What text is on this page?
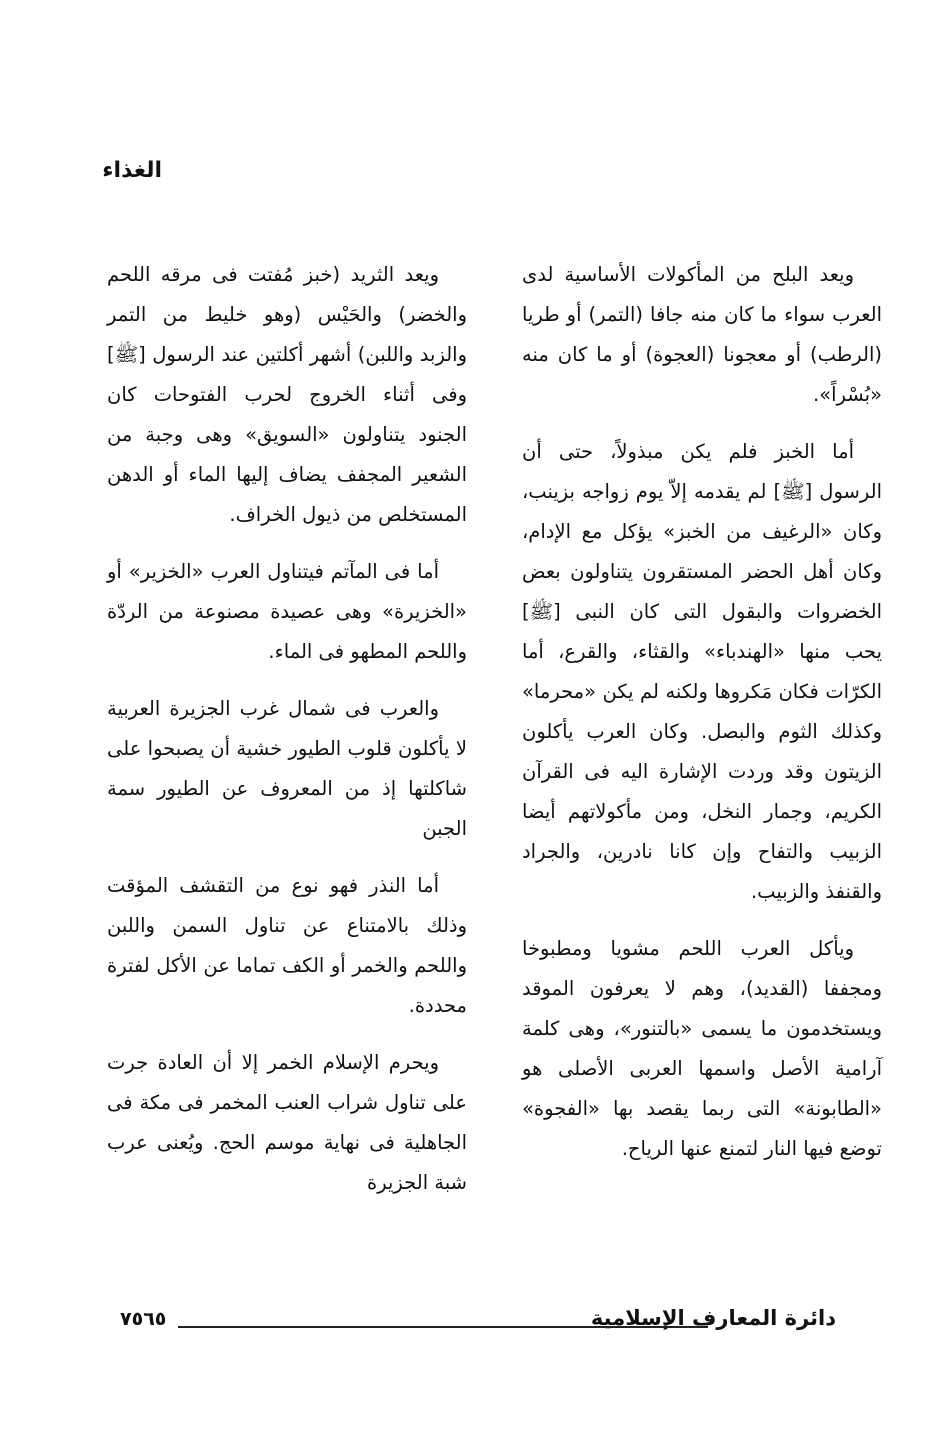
الغذاء

ويعد البلح من المأكولات الأساسية لدى العرب سواء ما كان منه جافا (التمر) أو طريا (الرطب) أو معجونا (العجوة) أو ما كان منه «بُسْراً».

أما الخبز فلم يكن مبذولاً، حتى أن الرسول [ﷺ] لم يقدمه إلاّ يوم زواجه بزينب، وكان «الرغيف من الخبز» يؤكل مع الإدام، وكان أهل الحضر المستقرون يتناولون بعض الخضروات والبقول التى كان النبى [ﷺ] يحب منها «الهندباء» والقثاء، والقرع، أما الكرّات فكان مَكروها ولكنه لم يكن «محرما» وكذلك الثوم والبصل. وكان العرب يأكلون الزيتون وقد وردت الإشارة اليه فى القرآن الكريم، وجمار النخل، ومن مأكولاتهم أيضا الزبيب والتفاح وإن كانا نادرين، والجراد والقنفذ والزبيب.

ويأكل العرب اللحم مشويا ومطبوخا ومجففا (القديد)، وهم لا يعرفون الموقد ويستخدمون ما يسمى «بالتنور»، وهى كلمة آرامية الأصل واسمها العربى الأصلى هو «الطابونة» التى ربما يقصد بها «الفجوة» توضع فيها النار لتمنع عنها الرياح.

ويعد الثريد (خبز مُفتت فى مرقه اللحم والخضر) والحَيْس (وهو خليط من التمر والزبد واللبن) أشهر أكلتين عند الرسول [ﷺ] وفى أثناء الخروج لحرب الفتوحات كان الجنود يتناولون «السويق» وهى وجبة من الشعير المجفف يضاف إليها الماء أو الدهن المستخلص من ذيول الخراف.

أما فى المآتم فيتناول العرب «الخزير» أو «الخزيرة» وهى عصيدة مصنوعة من الردّة واللحم المطهو فى الماء.

والعرب فى شمال غرب الجزيرة العربية لا يأكلون قلوب الطيور خشية أن يصبحوا على شاكلتها إذ من المعروف عن الطيور سمة الجبن

أما النذر فهو نوع من التقشف المؤقت وذلك بالامتناع عن تناول السمن واللبن واللحم والخمر أو الكف تماما عن الأكل لفترة محددة.

ويحرم الإسلام الخمر إلا أن العادة جرت على تناول شراب العنب المخمر فى مكة فى الجاهلية فى نهاية موسم الحج. ويُعنى عرب شبة الجزيرة

دائرة المعارف الإسلامية
٧٥٦٥
